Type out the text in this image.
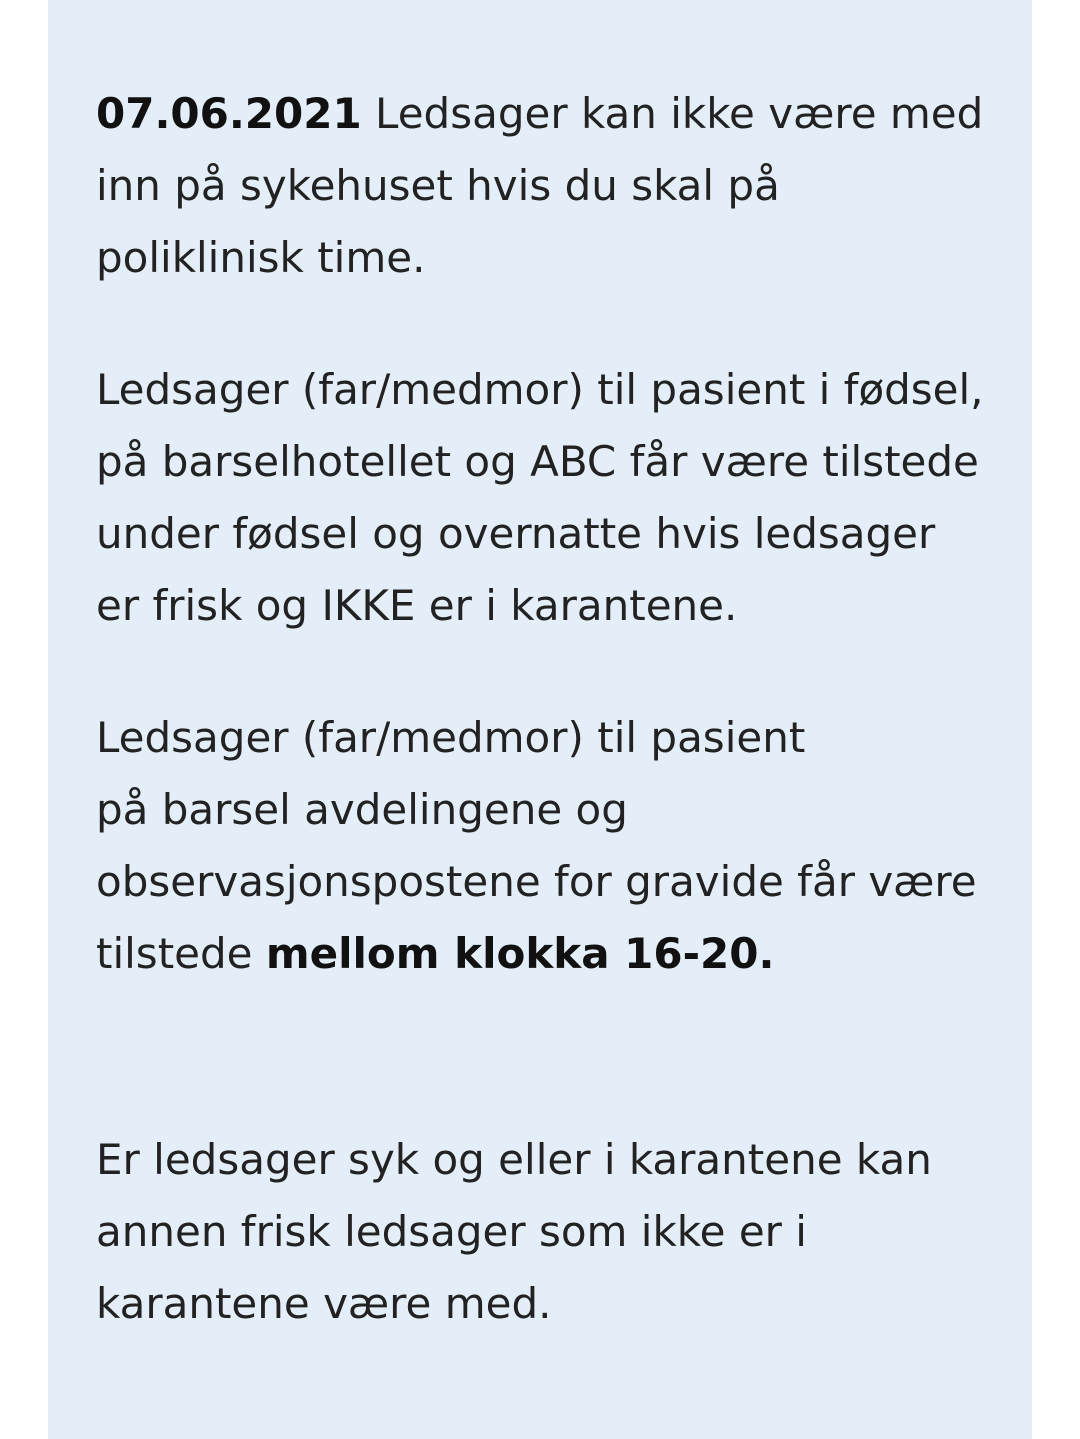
07.06.2021 Ledsager kan ikke være med inn på sykehuset hvis du skal på poliklinisk time.

Ledsager (far/medmor) til pasient i fødsel, på barselhotellet og ABC får være tilstede under fødsel og overnatte hvis ledsager er frisk og IKKE er i karantene.

Ledsager (far/medmor) til pasient
på barsel avdelingene og observasjonspostene for gravide får være tilstede mellom klokka 16-20.

Er ledsager syk og eller i karantene kan annen frisk ledsager som ikke er i karantene være med.
